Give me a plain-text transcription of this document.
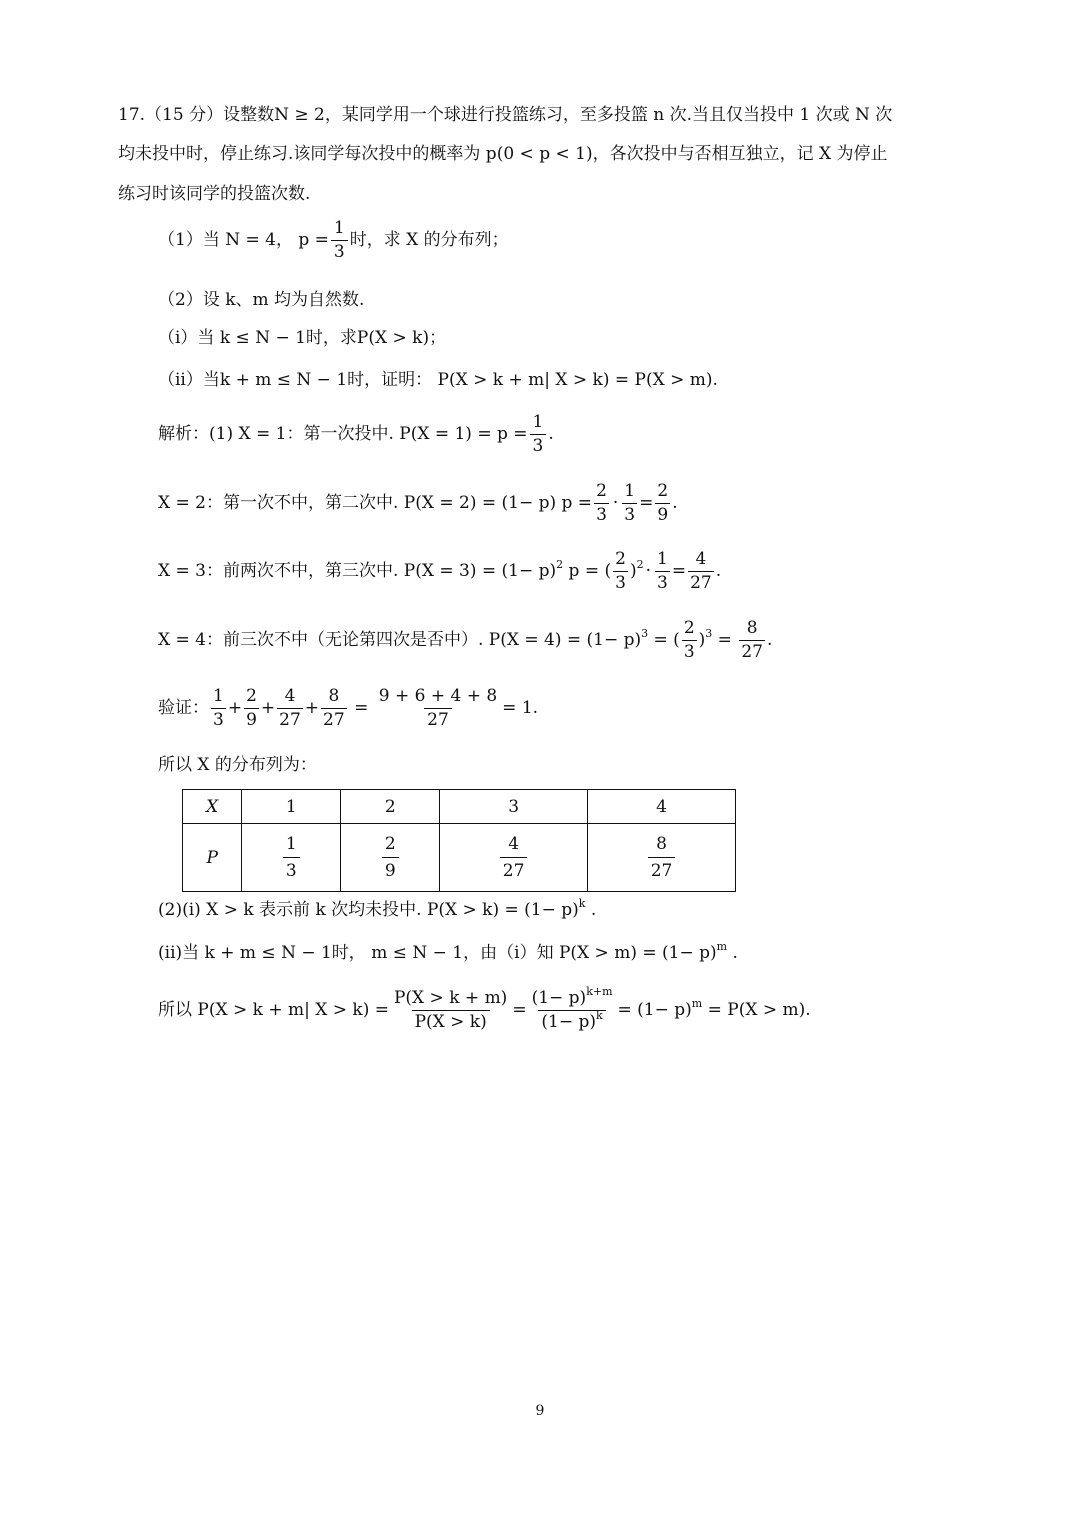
17.（15 分）设整数N ≥ 2，某同学用一个球进行投篮练习，至多投篮 n 次.当且仅当投中 1 次或 N 次
均未投中时，停止练习.该同学每次投中的概率为 p(0 < p < 1)，各次投中与否相互独立，记 X 为停止
练习时该同学的投篮次数.
（1）当 N = 4， $p = \frac{1}{3}$ 时，求 X 的分布列；
（2）设 k、m 均为自然数.
（i）当 k ≤ N − 1时，求P(X > k)；
（ii）当k + m ≤ N − 1时，证明： P(X > k + m| X > k) = P(X > m).
解析：(1) X = 1：第一次投中. $P(X = 1) = p = \frac{1}{3}$ .
X = 2：第一次不中，第二次中. P(X = 2) = (1− p) $p = \frac{2}{3} \cdot \frac{1}{3} = \frac{2}{9}$ .
X = 3：前两次不中，第三次中. $P(X = 3) = (1- p)^2$ p = ( $\frac{2}{3} )^2 \cdot \frac{1}{3} = \frac{4}{27}$ .
X = 4：前三次不中（无论第四次是否中）. $P(X = 4) = (1- p)^3$ = ( $\frac{2}{3} )^3 = \frac{8}{27}$ .
验证： $\frac{1}{3} + \frac{2}{9} + \frac{4}{27} + \frac{8}{27} = \frac{9 + 6 + 4 + 8}{27} = 1$.
所以 X 的分布列为：
X	1	2	3	4
P	$\frac{1}{3}$	$\frac{2}{9}$	$\frac{4}{27}$	$\frac{8}{27}$
(2)(i) X > k 表示前 k 次均未投中. $P(X > k) = (1- p)^k$ .
(ii)当 k + m ≤ N − 1时， m ≤ N − 1，由（i）知 $P(X > m) = (1- p)^m$ .
所以 P(X > k + m| $X > k) = \frac{P(X > k + m)}{P(X > k)} = \frac{(1- p)^{k+m}}{(1- p)^k} = (1- p)^m = P(X > m)$.
9
